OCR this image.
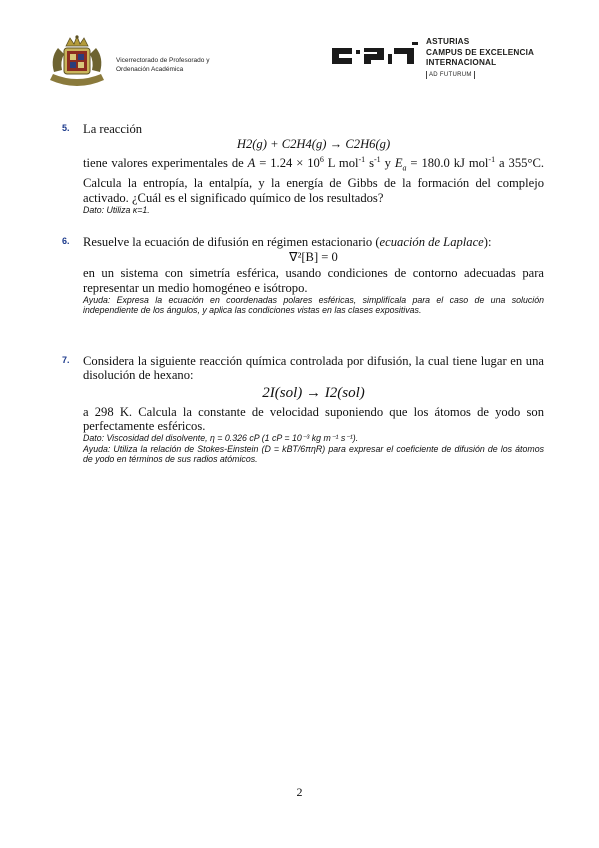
Vicerrectorado de Profesorado y
Ordenación Académica
ASTURIAS
CAMPUS DE EXCELENCIA
INTERNACIONAL
AD FUTURUM
5. La reacción
H2(g) + C2H4(g) → C2H6(g)
tiene valores experimentales de $A = 1.24 \times 10^6$ L mol$^{-1}$ $s^{-1}$ y $E_a = 180.0$ kJ mol$^{-1}$ a 355°C. Calcula la entropía, la entalpía, y la energía de Gibbs de la formación del complejo activado. ¿Cuál es el significado químico de los resultados?
Dato: Utiliza κ=1.
6. Resuelve la ecuación de difusión en régimen estacionario (ecuación de Laplace):
∇²[B] = 0
en un sistema con simetría esférica, usando condiciones de contorno adecuadas para representar un medio homogéneo e isótropo.
Ayuda: Expresa la ecuación en coordenadas polares esféricas, simplifícala para el caso de una solución independiente de los ángulos, y aplica las condiciones vistas en las clases expositivas.
7. Considera la siguiente reacción química controlada por difusión, la cual tiene lugar en una disolución de hexano:
2I(sol) → I2(sol)
a 298 K. Calcula la constante de velocidad suponiendo que los átomos de yodo son perfectamente esféricos.
Dato: Viscosidad del disolvente, η = 0.326 cP (1 cP = 10⁻³ kg m⁻¹ s⁻¹).
Ayuda: Utiliza la relación de Stokes-Einstein (D = kBT/6πηR) para expresar el coeficiente de difusión de los átomos de yodo en términos de sus radios atómicos.
2
